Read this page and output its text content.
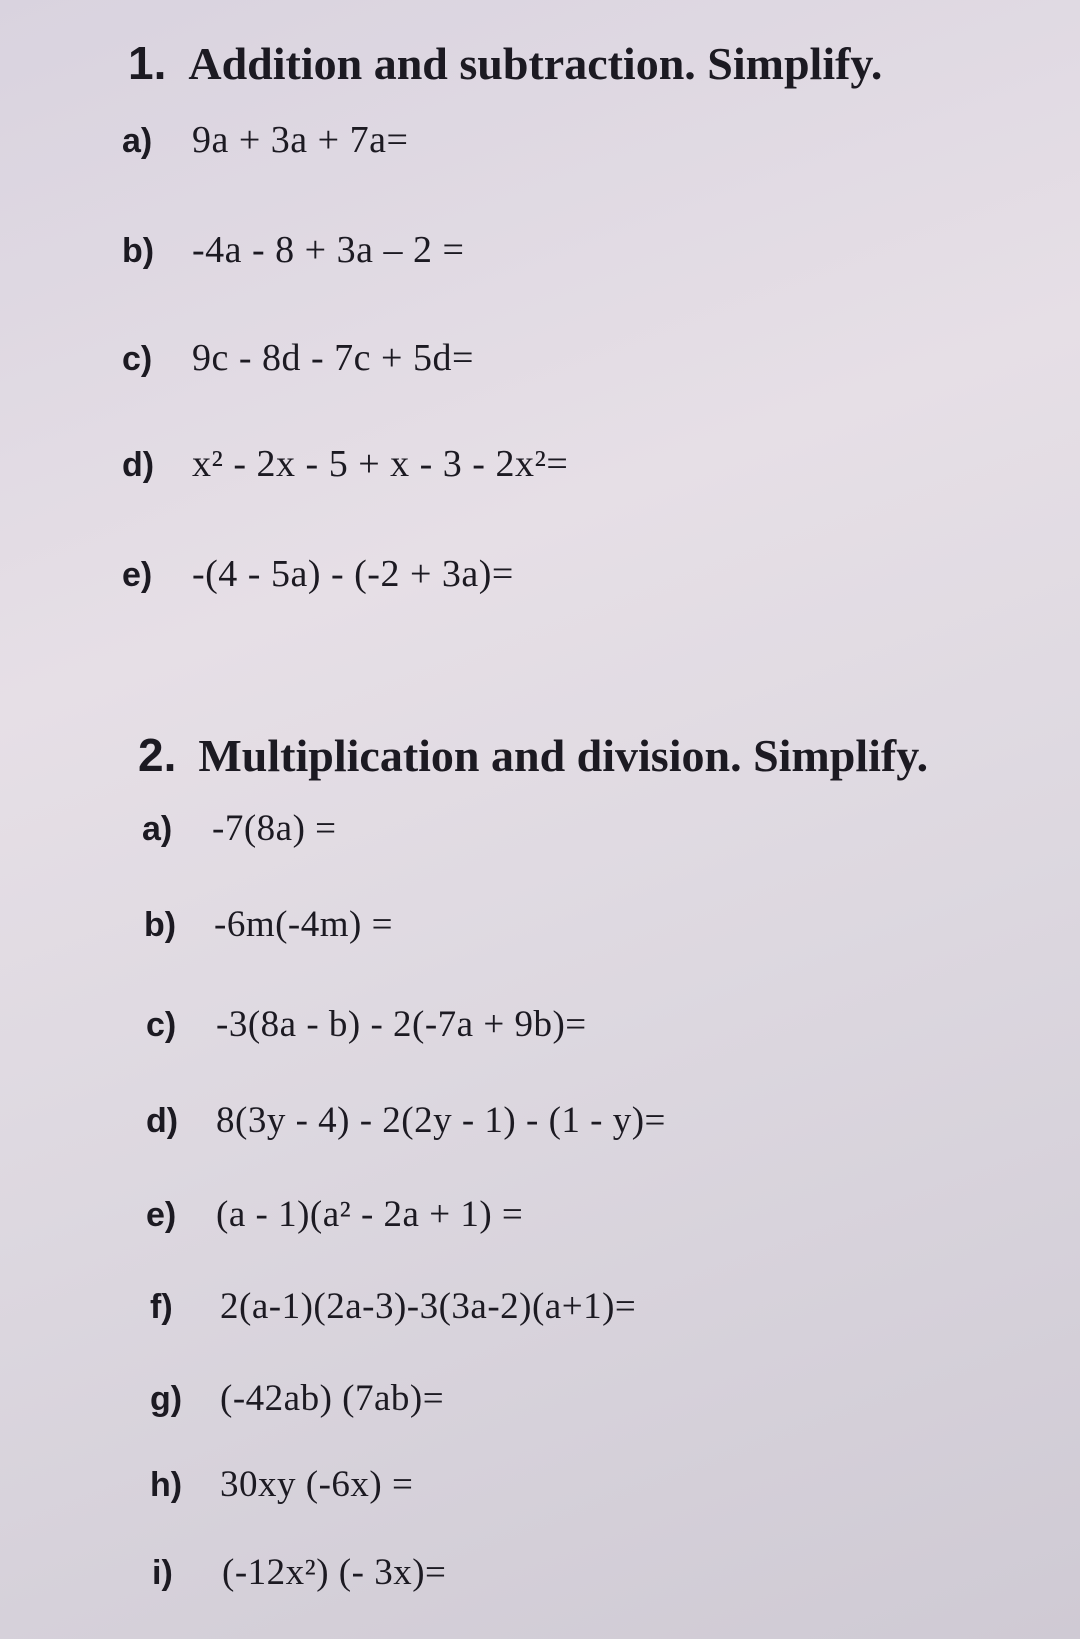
1. Addition and subtraction. Simplify.
a) 9a + 3a + 7a=
b) -4a - 8 + 3a – 2 =
c) 9c - 8d - 7c + 5d=
d) x² - 2x - 5 + x - 3 - 2x²=
e) -(4 - 5a) - (-2 + 3a)=
2. Multiplication and division. Simplify.
a) -7(8a) =
b) -6m(-4m) =
c) -3(8a - b) - 2(-7a + 9b)=
d) 8(3y - 4) - 2(2y - 1) - (1 - y)=
e) (a - 1)(a² - 2a + 1) =
f) 2(a-1)(2a-3)-3(3a-2)(a+1)=
g) (-42ab) (7ab)=
h) 30xy (-6x) =
i) (-12x²) (- 3x)=
